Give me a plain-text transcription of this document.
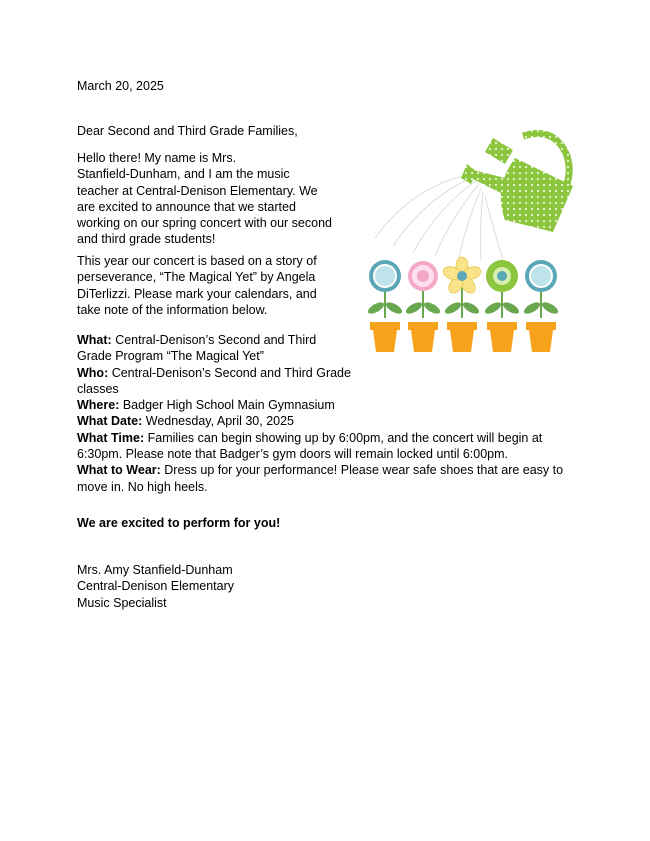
March 20, 2025
Dear Second and Third Grade Families,
Hello there! My name is Mrs.
Stanfield-Dunham, and I am the music
teacher at Central-Denison Elementary. We
are excited to announce that we started
working on our spring concert with our second
and third grade students!
This year our concert is based on a story of
perseverance, “The Magical Yet” by Angela
DiTerlizzi. Please mark your calendars, and
take note of the information below.
What: Central-Denison’s Second and Third Grade Program “The Magical Yet”
Who: Central-Denison’s Second and Third Grade classes
Where: Badger High School Main Gymnasium
What Date: Wednesday, April 30, 2025
What Time: Families can begin showing up by 6:00pm, and the concert will begin at 6:30pm. Please note that Badger’s gym doors will remain locked until 6:00pm.
What to Wear: Dress up for your performance! Please wear safe shoes that are easy to move in. No high heels.
We are excited to perform for you!
Mrs. Amy Stanfield-Dunham
Central-Denison Elementary
Music Specialist
